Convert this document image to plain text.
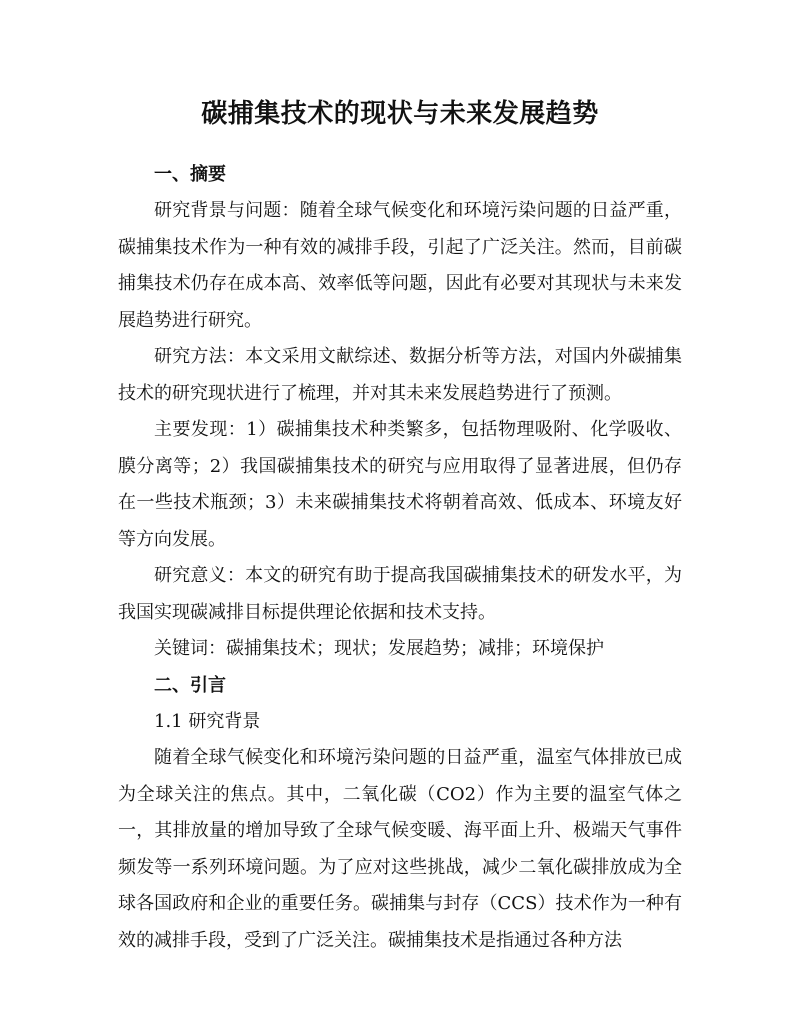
碳捕集技术的现状与未来发展趋势
一、摘要

研究背景与问题：随着全球气候变化和环境污染问题的日益严重，碳捕集技术作为一种有效的减排手段，引起了广泛关注。然而，目前碳捕集技术仍存在成本高、效率低等问题，因此有必要对其现状与未来发展趋势进行研究。

研究方法：本文采用文献综述、数据分析等方法，对国内外碳捕集技术的研究现状进行了梳理，并对其未来发展趋势进行了预测。

主要发现：1）碳捕集技术种类繁多，包括物理吸附、化学吸收、膜分离等；2）我国碳捕集技术的研究与应用取得了显著进展，但仍存在一些技术瓶颈；3）未来碳捕集技术将朝着高效、低成本、环境友好等方向发展。

研究意义：本文的研究有助于提高我国碳捕集技术的研发水平，为我国实现碳减排目标提供理论依据和技术支持。

关键词：碳捕集技术；现状；发展趋势；减排；环境保护

二、引言

1.1 研究背景

随着全球气候变化和环境污染问题的日益严重，温室气体排放已成为全球关注的焦点。其中，二氧化碳（CO2）作为主要的温室气体之一，其排放量的增加导致了全球气候变暖、海平面上升、极端天气事件频发等一系列环境问题。为了应对这些挑战，减少二氧化碳排放成为全球各国政府和企业的重要任务。碳捕集与封存（CCS）技术作为一种有效的减排手段，受到了广泛关注。碳捕集技术是指通过各种方法
